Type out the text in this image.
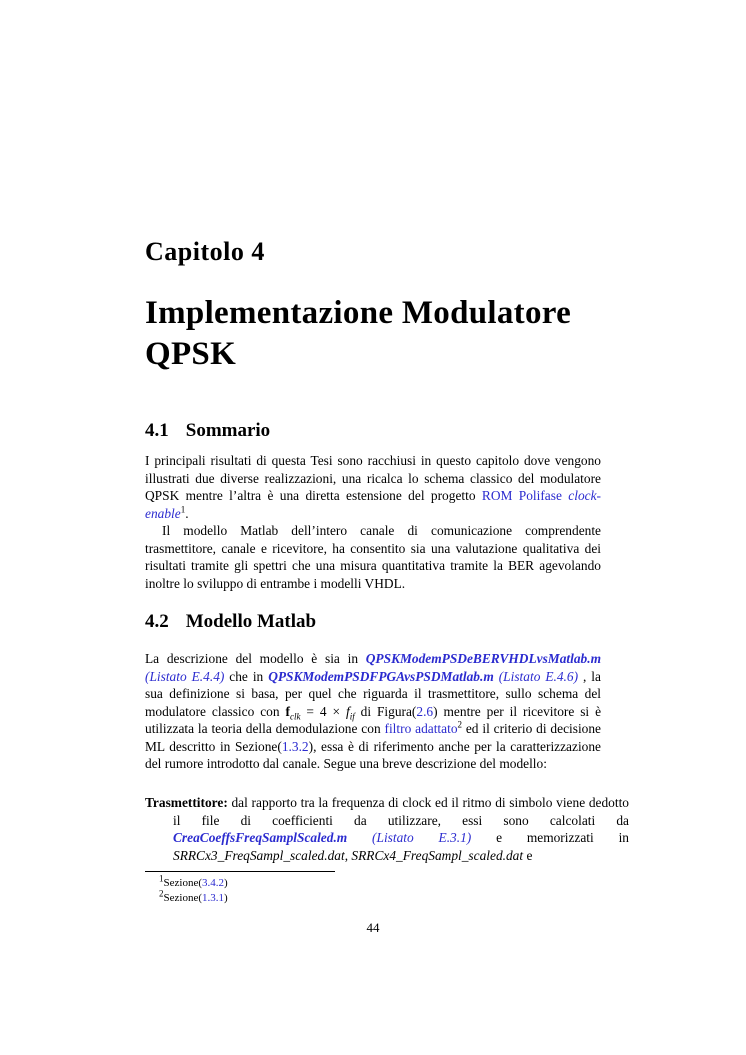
Capitolo 4
Implementazione Modulatore
QPSK
4.1 Sommario
I principali risultati di questa Tesi sono racchiusi in questo capitolo dove vengono illustrati due diverse realizzazioni, una ricalca lo schema classico del modulatore QPSK mentre l’altra è una diretta estensione del progetto ROM Polifase clock-enable$^1$.
Il modello Matlab dell’intero canale di comunicazione comprendente trasmettitore, canale e ricevitore, ha consentito sia una valutazione qualitativa dei risultati tramite gli spettri che una misura quantitativa tramite la BER agevolando inoltre lo sviluppo di entrambe i modelli VHDL.
4.2 Modello Matlab
La descrizione del modello è sia in QPSKModemPSDeBERVHDLvsMatlab.m (Listato E.4.4) che in QPSKModemPSDFPGAvsPSDMatlab.m (Listato E.4.6) , la sua definizione si basa, per quel che riguarda il trasmettitore, sullo schema del modulatore classico con $f_{clk} = 4 \times f_{if}$ di Figura(2.6) mentre per il ricevitore si è utilizzata la teoria della demodulazione con filtro adattato$^2$ ed il criterio di decisione ML descritto in Sezione(1.3.2), essa è di riferimento anche per la caratterizzazione del rumore introdotto dal canale. Segue una breve descrizione del modello:
Trasmettitore: dal rapporto tra la frequenza di clock ed il ritmo di simbolo viene dedotto il file di coefficienti da utilizzare, essi sono calcolati da CreaCoeffsFreqSamplScaled.m (Listato E.3.1) e memorizzati in SRRCx3_FreqSampl_scaled.dat, SRRCx4_FreqSampl_scaled.dat e
$^1$Sezione(3.4.2)
$^2$Sezione(1.3.1)
44
